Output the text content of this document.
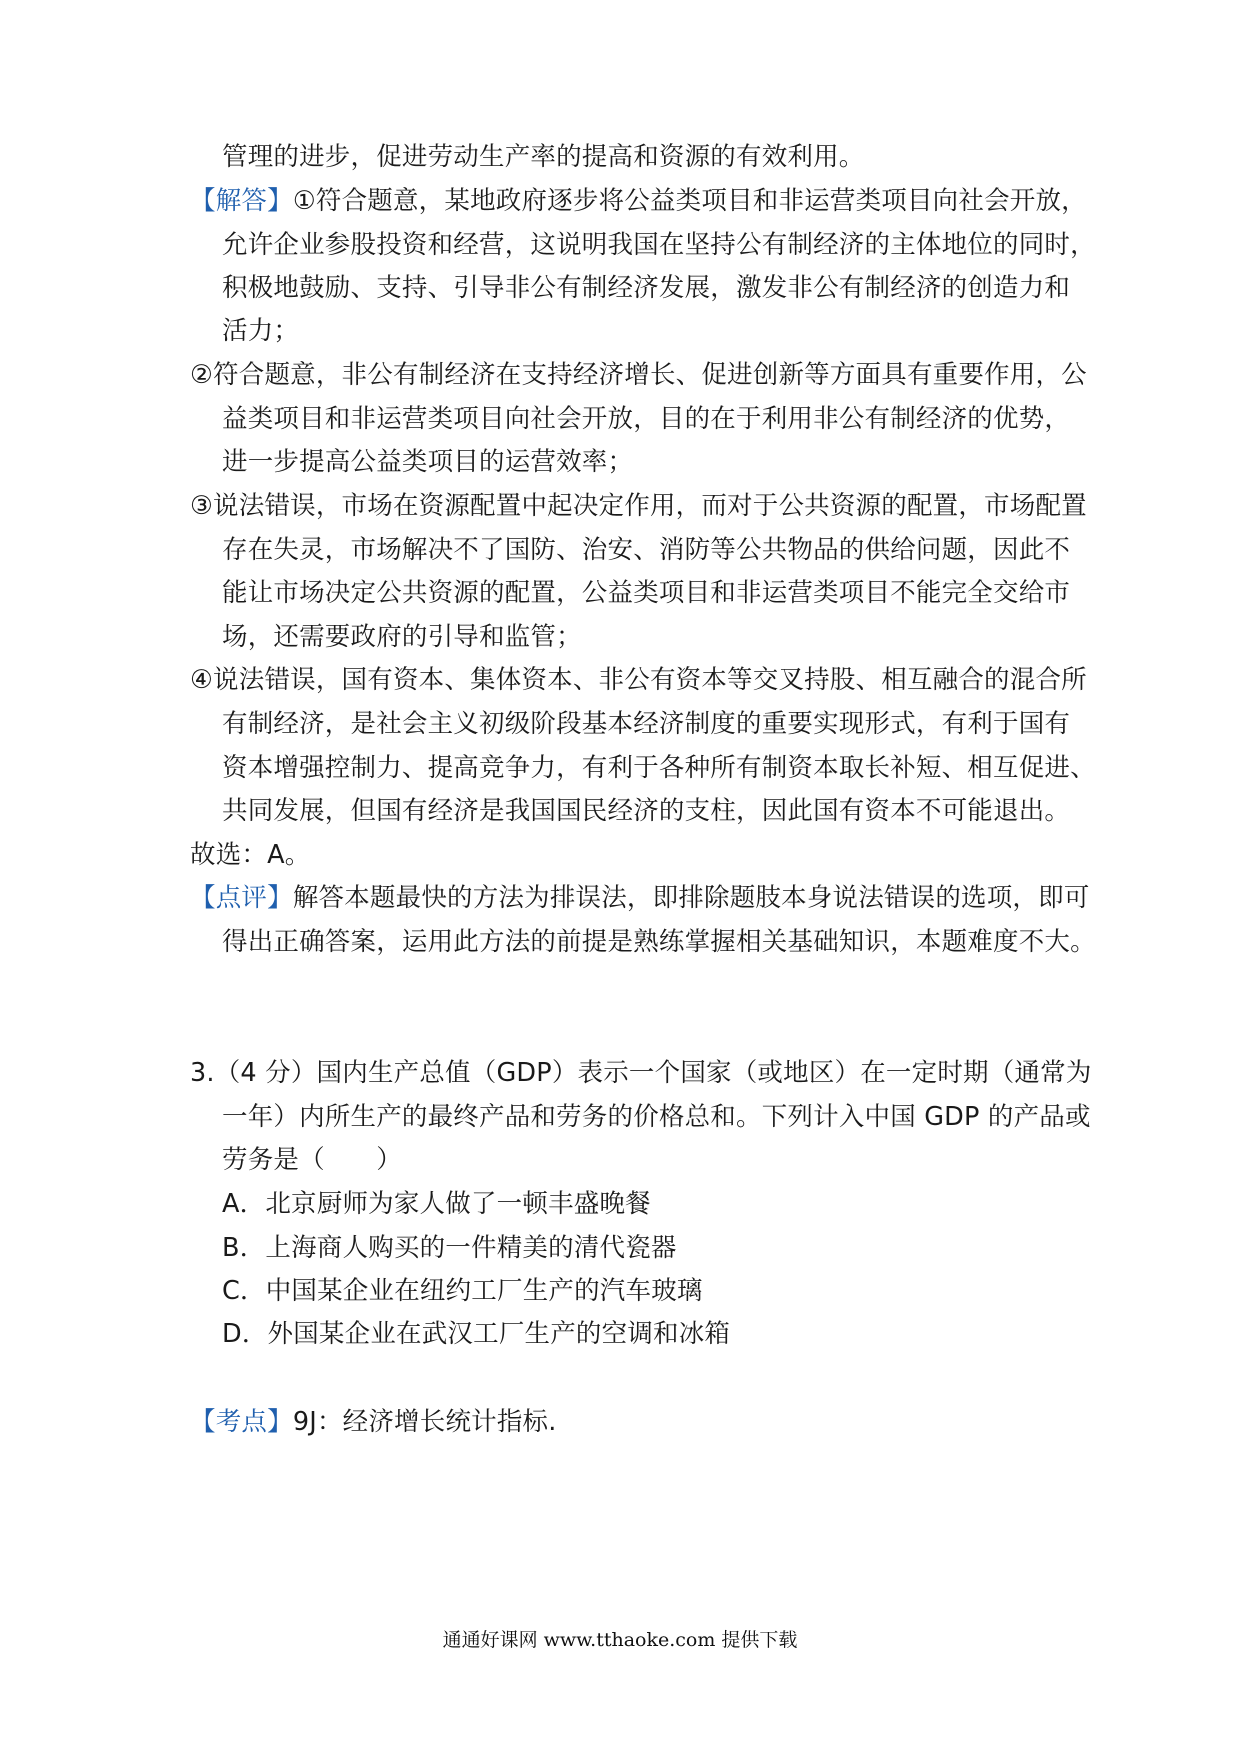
管理的进步，促进劳动生产率的提高和资源的有效利用。
【解答】①符合题意，某地政府逐步将公益类项目和非运营类项目向社会开放，
允许企业参股投资和经营，这说明我国在坚持公有制经济的主体地位的同时，
积极地鼓励、支持、引导非公有制经济发展，激发非公有制经济的创造力和
活力；
②符合题意，非公有制经济在支持经济增长、促进创新等方面具有重要作用，公
益类项目和非运营类项目向社会开放，目的在于利用非公有制经济的优势，
进一步提高公益类项目的运营效率；
③说法错误，市场在资源配置中起决定作用，而对于公共资源的配置，市场配置
存在失灵，市场解决不了国防、治安、消防等公共物品的供给问题，因此不
能让市场决定公共资源的配置，公益类项目和非运营类项目不能完全交给市
场，还需要政府的引导和监管；
④说法错误，国有资本、集体资本、非公有资本等交叉持股、相互融合的混合所
有制经济，是社会主义初级阶段基本经济制度的重要实现形式，有利于国有
资本增强控制力、提高竞争力，有利于各种所有制资本取长补短、相互促进、
共同发展，但国有经济是我国国民经济的支柱，因此国有资本不可能退出。
故选：A。
【点评】解答本题最快的方法为排误法，即排除题肢本身说法错误的选项，即可
得出正确答案，运用此方法的前提是熟练掌握相关基础知识，本题难度不大。
3.（4 分）国内生产总值（GDP）表示一个国家（或地区）在一定时期（通常为
一年）内所生产的最终产品和劳务的价格总和。下列计入中国 GDP 的产品或
劳务是（　　）
A．北京厨师为家人做了一顿丰盛晚餐
B．上海商人购买的一件精美的清代瓷器
C．中国某企业在纽约工厂生产的汽车玻璃
D．外国某企业在武汉工厂生产的空调和冰箱
【考点】9J：经济增长统计指标.
通通好课网 www.tthaoke.com 提供下载
